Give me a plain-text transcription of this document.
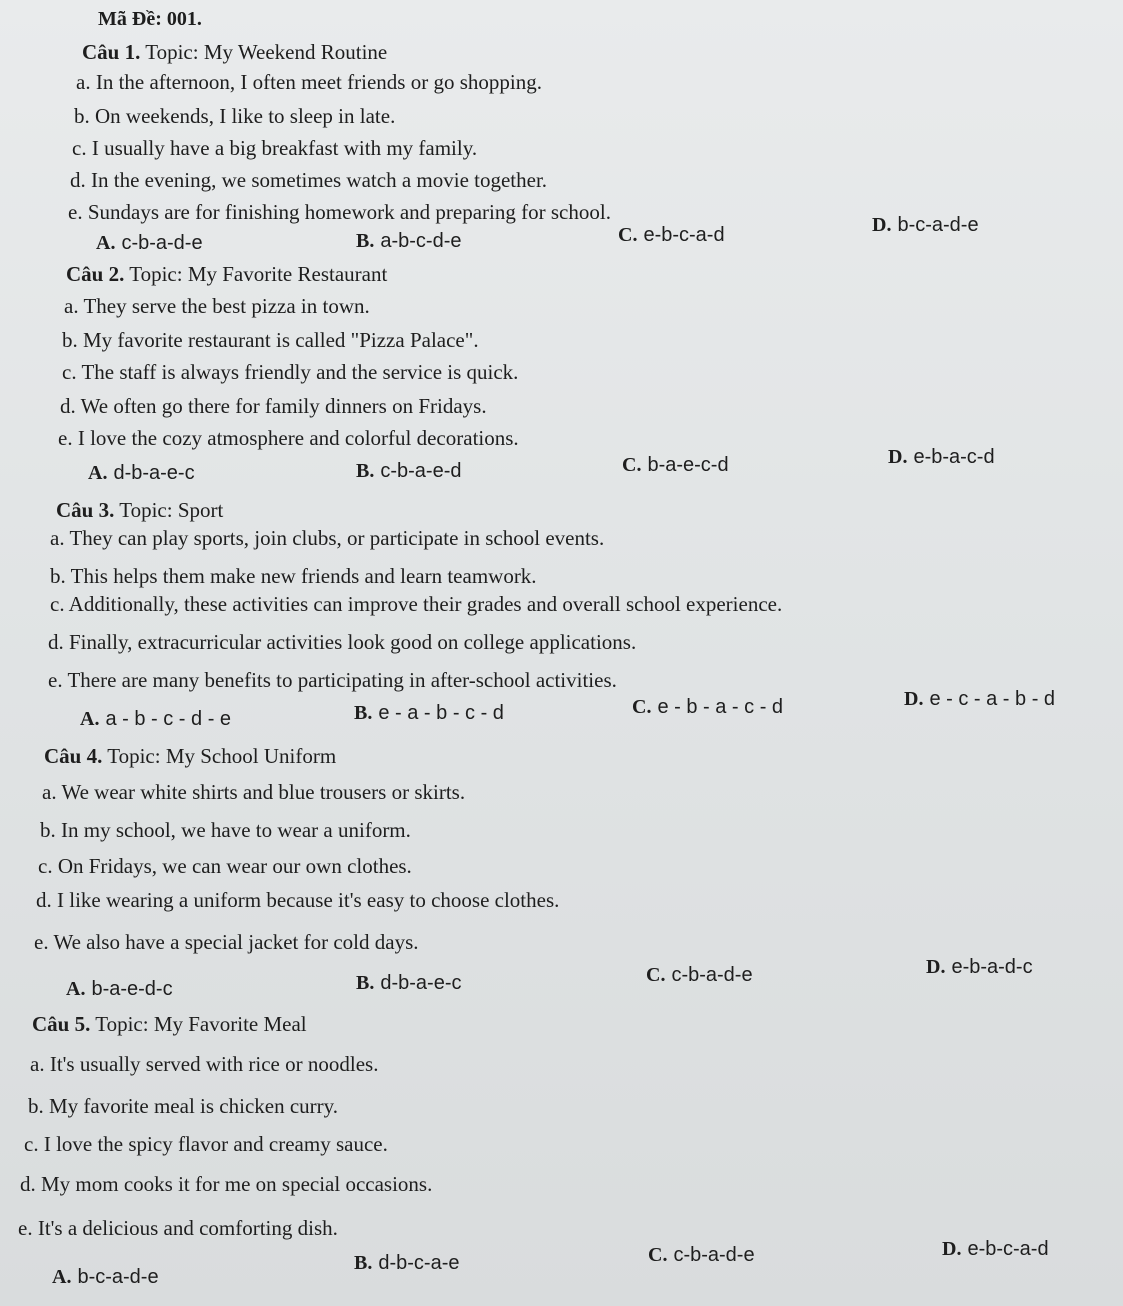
Mã Đề: 001.
Câu 1. Topic: My Weekend Routine
a. In the afternoon, I often meet friends or go shopping.
b. On weekends, I like to sleep in late.
c. I usually have a big breakfast with my family.
d. In the evening, we sometimes watch a movie together.
e. Sundays are for finishing homework and preparing for school.
A. c-b-a-d-e	B. a-b-c-d-e	C. e-b-c-a-d	D. b-c-a-d-e
Câu 2. Topic: My Favorite Restaurant
a. They serve the best pizza in town.
b. My favorite restaurant is called "Pizza Palace".
c. The staff is always friendly and the service is quick.
d. We often go there for family dinners on Fridays.
e. I love the cozy atmosphere and colorful decorations.
A. d-b-a-e-c	B. c-b-a-e-d	C. b-a-e-c-d	D. e-b-a-c-d
Câu 3. Topic: Sport
a. They can play sports, join clubs, or participate in school events.
b. This helps them make new friends and learn teamwork.
c. Additionally, these activities can improve their grades and overall school experience.
d. Finally, extracurricular activities look good on college applications.
e. There are many benefits to participating in after-school activities.
A. a - b - c - d - e	B. e - a - b - c - d	C. e - b - a - c - d	D. e - c - a - b - d
Câu 4. Topic: My School Uniform
a. We wear white shirts and blue trousers or skirts.
b. In my school, we have to wear a uniform.
c. On Fridays, we can wear our own clothes.
d. I like wearing a uniform because it's easy to choose clothes.
e. We also have a special jacket for cold days.
A. b-a-e-d-c	B. d-b-a-e-c	C. c-b-a-d-e	D. e-b-a-d-c
Câu 5. Topic: My Favorite Meal
a. It's usually served with rice or noodles.
b. My favorite meal is chicken curry.
c. I love the spicy flavor and creamy sauce.
d. My mom cooks it for me on special occasions.
e. It's a delicious and comforting dish.
A. b-c-a-d-e
B. d-b-c-a-e	C. c-b-a-d-e	D. e-b-c-a-d
